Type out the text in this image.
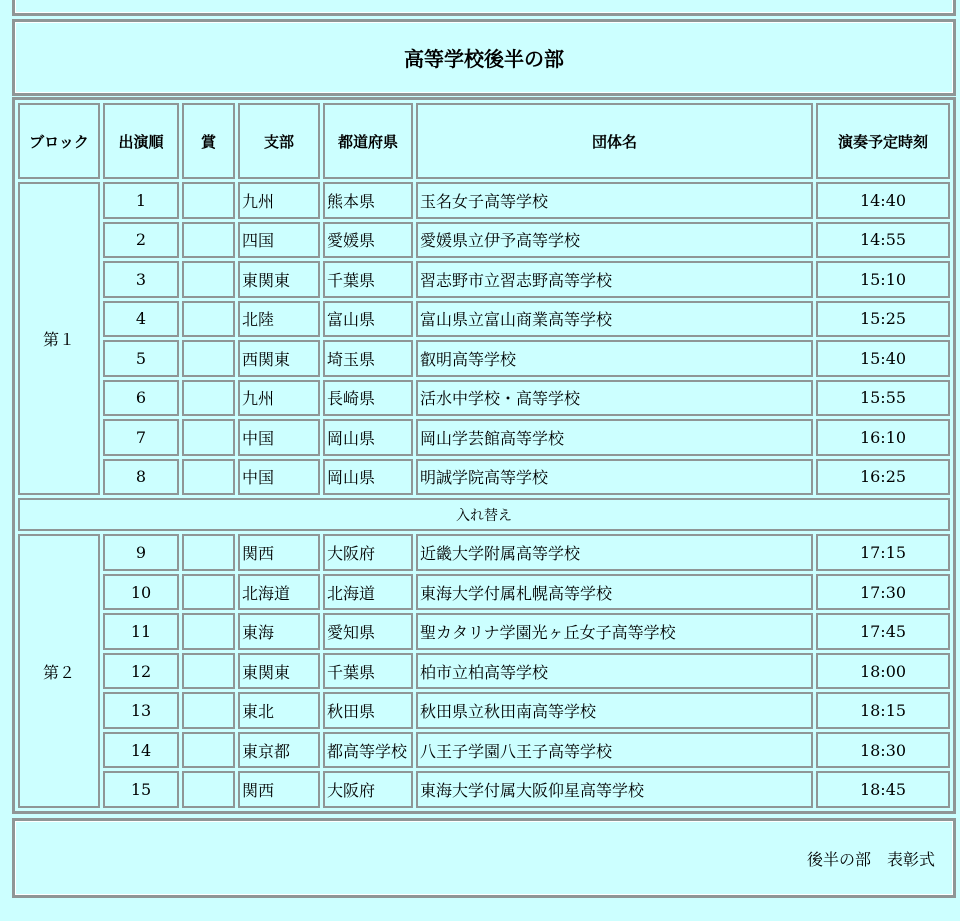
高等学校後半の部
ブロック	出演順	賞	支部	都道府県	団体名	演奏予定時刻
第１	1		九州	熊本県	玉名女子高等学校	14:40
	2		四国	愛媛県	愛媛県立伊予高等学校	14:55
	3		東関東	千葉県	習志野市立習志野高等学校	15:10
	4		北陸	富山県	富山県立富山商業高等学校	15:25
	5		西関東	埼玉県	叡明高等学校	15:40
	6		九州	長崎県	活水中学校・高等学校	15:55
	7		中国	岡山県	岡山学芸館高等学校	16:10
	8		中国	岡山県	明誠学院高等学校	16:25
入れ替え						
第２	9		関西	大阪府	近畿大学附属高等学校	17:15
	10		北海道	北海道	東海大学付属札幌高等学校	17:30
	11		東海	愛知県	聖カタリナ学園光ヶ丘女子高等学校	17:45
	12		東関東	千葉県	柏市立柏高等学校	18:00
	13		東北	秋田県	秋田県立秋田南高等学校	18:15
	14		東京都	都高等学校	八王子学園八王子高等学校	18:30
	15		関西	大阪府	東海大学付属大阪仰星高等学校	18:45
後半の部　表彰式
